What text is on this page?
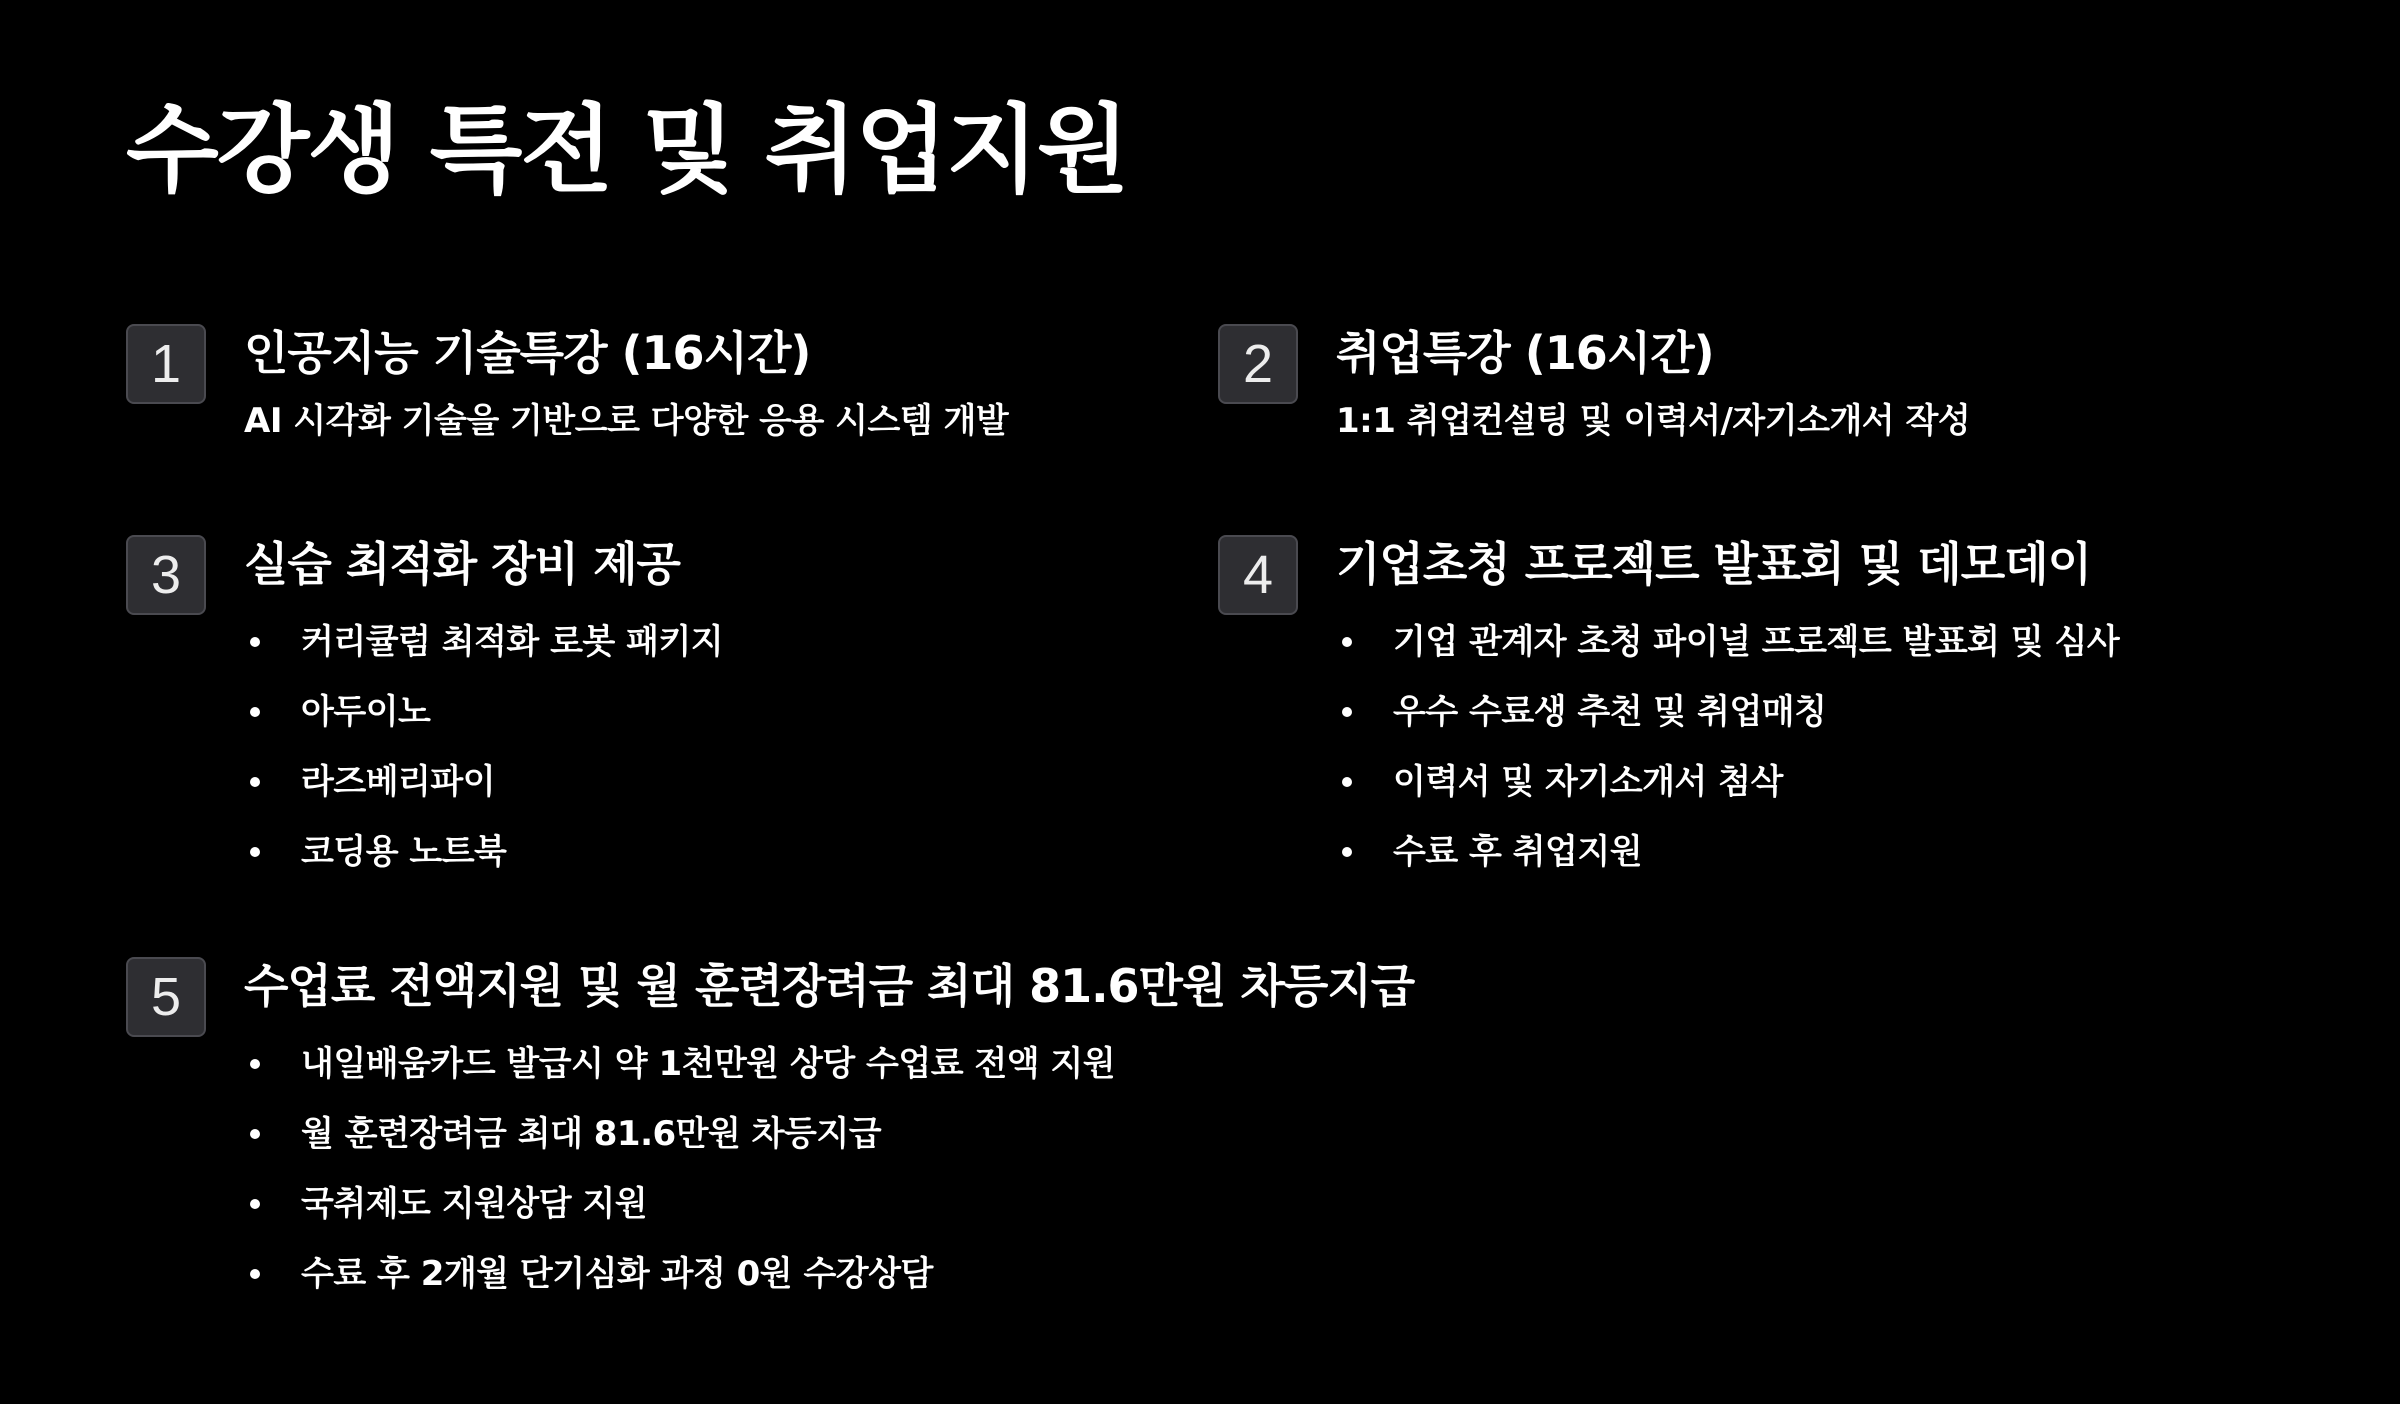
수강생 특전 및 취업지원
1	인공지능 기술특강 (16시간)

AI 시각화 기술을 기반으로 다양한 응용 시스템 개발

2	취업특강 (16시간)

1:1 취업컨설팅 및 이력서/자기소개서 작성

3	실습 최적화 장비 제공
커리큘럼 최적화 로봇 패키지
아두이노
라즈베리파이
코딩용 노트북
4	기업초청 프로젝트 발표회 및 데모데이
기업 관계자 초청 파이널 프로젝트 발표회 및 심사
우수 수료생 추천 및 취업매칭
이력서 및 자기소개서 첨삭
수료 후 취업지원
5	수업료 전액지원 및 월 훈련장려금 최대 81.6만원 차등지급
내일배움카드 발급시 약 1천만원 상당 수업료 전액 지원
월 훈련장려금 최대 81.6만원 차등지급
국취제도 지원상담 지원
수료 후 2개월 단기심화 과정 0원 수강상담
